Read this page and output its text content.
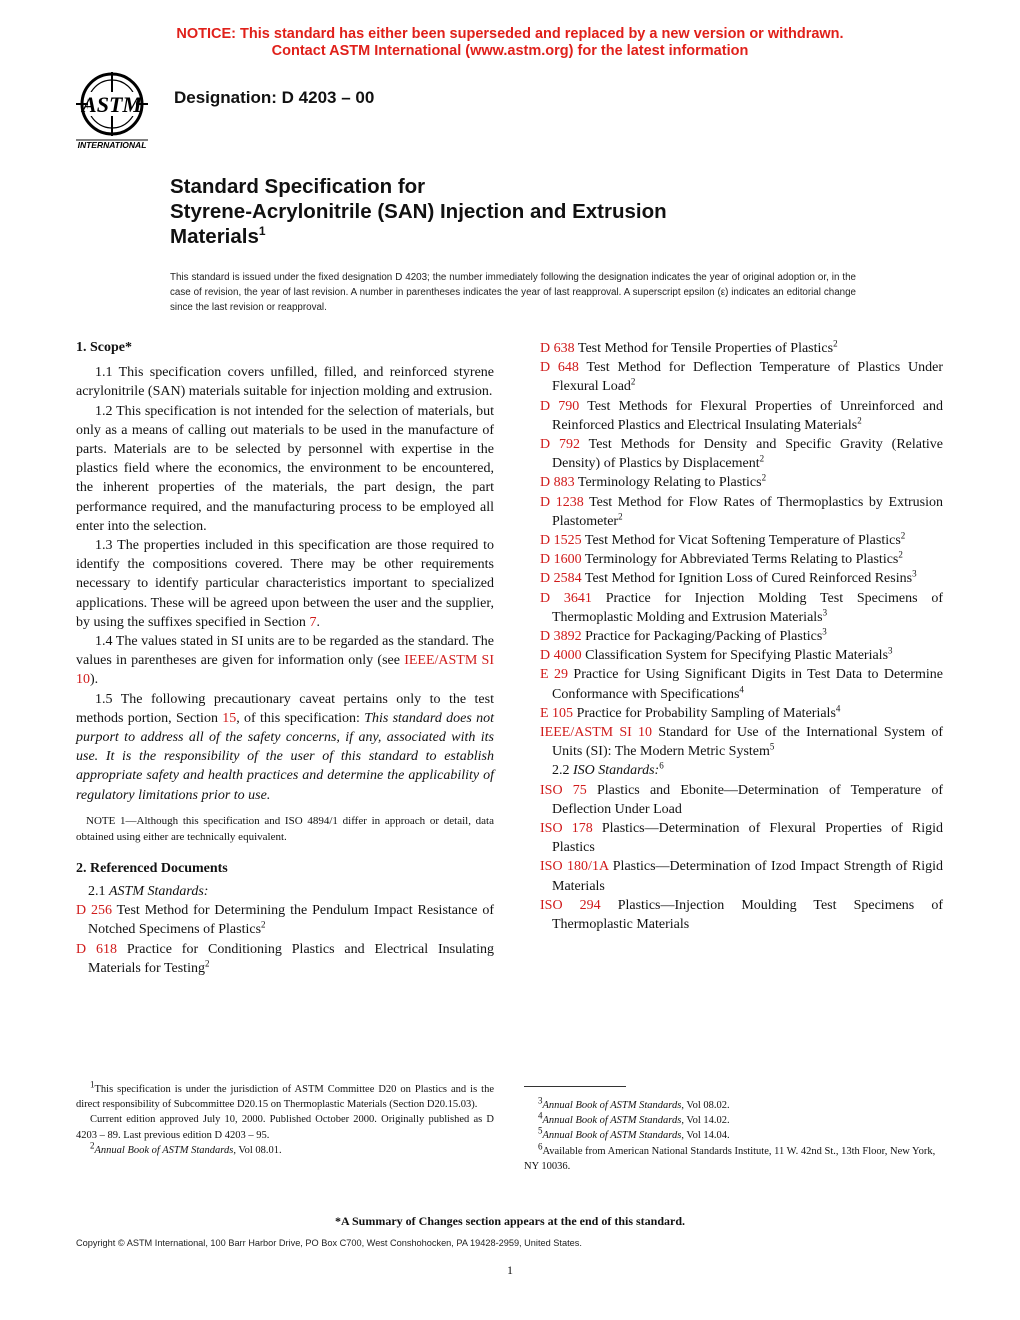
NOTICE: This standard has either been superseded and replaced by a new version or withdrawn.
Contact ASTM International (www.astm.org) for the latest information
ASTM
INTERNATIONAL
Designation: D 4203 – 00
Standard Specification for
Styrene-Acrylonitrile (SAN) Injection and Extrusion
Materials$^1$
This standard is issued under the fixed designation D 4203; the number immediately following the designation indicates the year of original adoption or, in the case of revision, the year of last revision. A number in parentheses indicates the year of last reapproval. A superscript epsilon (ε) indicates an editorial change since the last revision or reapproval.

1. Scope*

1.1 This specification covers unfilled, filled, and reinforced styrene acrylonitrile (SAN) materials suitable for injection molding and extrusion.

1.2 This specification is not intended for the selection of materials, but only as a means of calling out materials to be used in the manufacture of parts. Materials are to be selected by personnel with expertise in the plastics field where the economics, the environment to be encountered, the inherent properties of the materials, the part design, the part performance required, and the manufacturing process to be employed all enter into the selection.

1.3 The properties included in this specification are those required to identify the compositions covered. There may be other requirements necessary to identify particular characteristics important to specialized applications. These will be agreed upon between the user and the supplier, by using the suffixes specified in Section 7.

1.4 The values stated in SI units are to be regarded as the standard. The values in parentheses are given for information only (see IEEE/ASTM SI 10).

1.5 The following precautionary caveat pertains only to the test methods portion, Section 15, of this specification: This standard does not purport to address all of the safety concerns, if any, associated with its use. It is the responsibility of the user of this standard to establish appropriate safety and health practices and determine the applicability of regulatory limitations prior to use.

NOTE 1—Although this specification and ISO 4894/1 differ in approach or detail, data obtained using either are technically equivalent.

2. Referenced Documents

2.1 ASTM Standards:

D 256 Test Method for Determining the Pendulum Impact Resistance of Notched Specimens of Plastics$^2$

D 618 Practice for Conditioning Plastics and Electrical Insulating Materials for Testing$^2$

D 638 Test Method for Tensile Properties of Plastics$^2$

D 648 Test Method for Deflection Temperature of Plastics Under Flexural Load$^2$

D 790 Test Methods for Flexural Properties of Unreinforced and Reinforced Plastics and Electrical Insulating Materials$^2$

D 792 Test Methods for Density and Specific Gravity (Relative Density) of Plastics by Displacement$^2$

D 883 Terminology Relating to Plastics$^2$

D 1238 Test Method for Flow Rates of Thermoplastics by Extrusion Plastometer$^2$

D 1525 Test Method for Vicat Softening Temperature of Plastics$^2$

D 1600 Terminology for Abbreviated Terms Relating to Plastics$^2$

D 2584 Test Method for Ignition Loss of Cured Reinforced Resins$^3$

D 3641 Practice for Injection Molding Test Specimens of Thermoplastic Molding and Extrusion Materials$^3$

D 3892 Practice for Packaging/Packing of Plastics$^3$

D 4000 Classification System for Specifying Plastic Materials$^3$

E 29 Practice for Using Significant Digits in Test Data to Determine Conformance with Specifications$^4$

E 105 Practice for Probability Sampling of Materials$^4$

IEEE/ASTM SI 10 Standard for Use of the International System of Units (SI): The Modern Metric System$^5$

2.2 ISO Standards:$^6$

ISO 75 Plastics and Ebonite—Determination of Temperature of Deflection Under Load

ISO 178 Plastics—Determination of Flexural Properties of Rigid Plastics

ISO 180/1A Plastics—Determination of Izod Impact Strength of Rigid Materials

ISO 294 Plastics—Injection Moulding Test Specimens of Thermoplastic Materials

$^1$This specification is under the jurisdiction of ASTM Committee D20 on Plastics and is the direct responsibility of Subcommittee D20.15 on Thermoplastic Materials (Section D20.15.03).

Current edition approved July 10, 2000. Published October 2000. Originally published as D 4203 – 89. Last previous edition D 4203 – 95.

$^2$Annual Book of ASTM Standards, Vol 08.01.

$^3$Annual Book of ASTM Standards, Vol 08.02.

$^4$Annual Book of ASTM Standards, Vol 14.02.

$^5$Annual Book of ASTM Standards, Vol 14.04.

$^6$Available from American National Standards Institute, 11 W. 42nd St., 13th Floor, New York, NY 10036.

*A Summary of Changes section appears at the end of this standard.
Copyright © ASTM International, 100 Barr Harbor Drive, PO Box C700, West Conshohocken, PA 19428-2959, United States.
1
